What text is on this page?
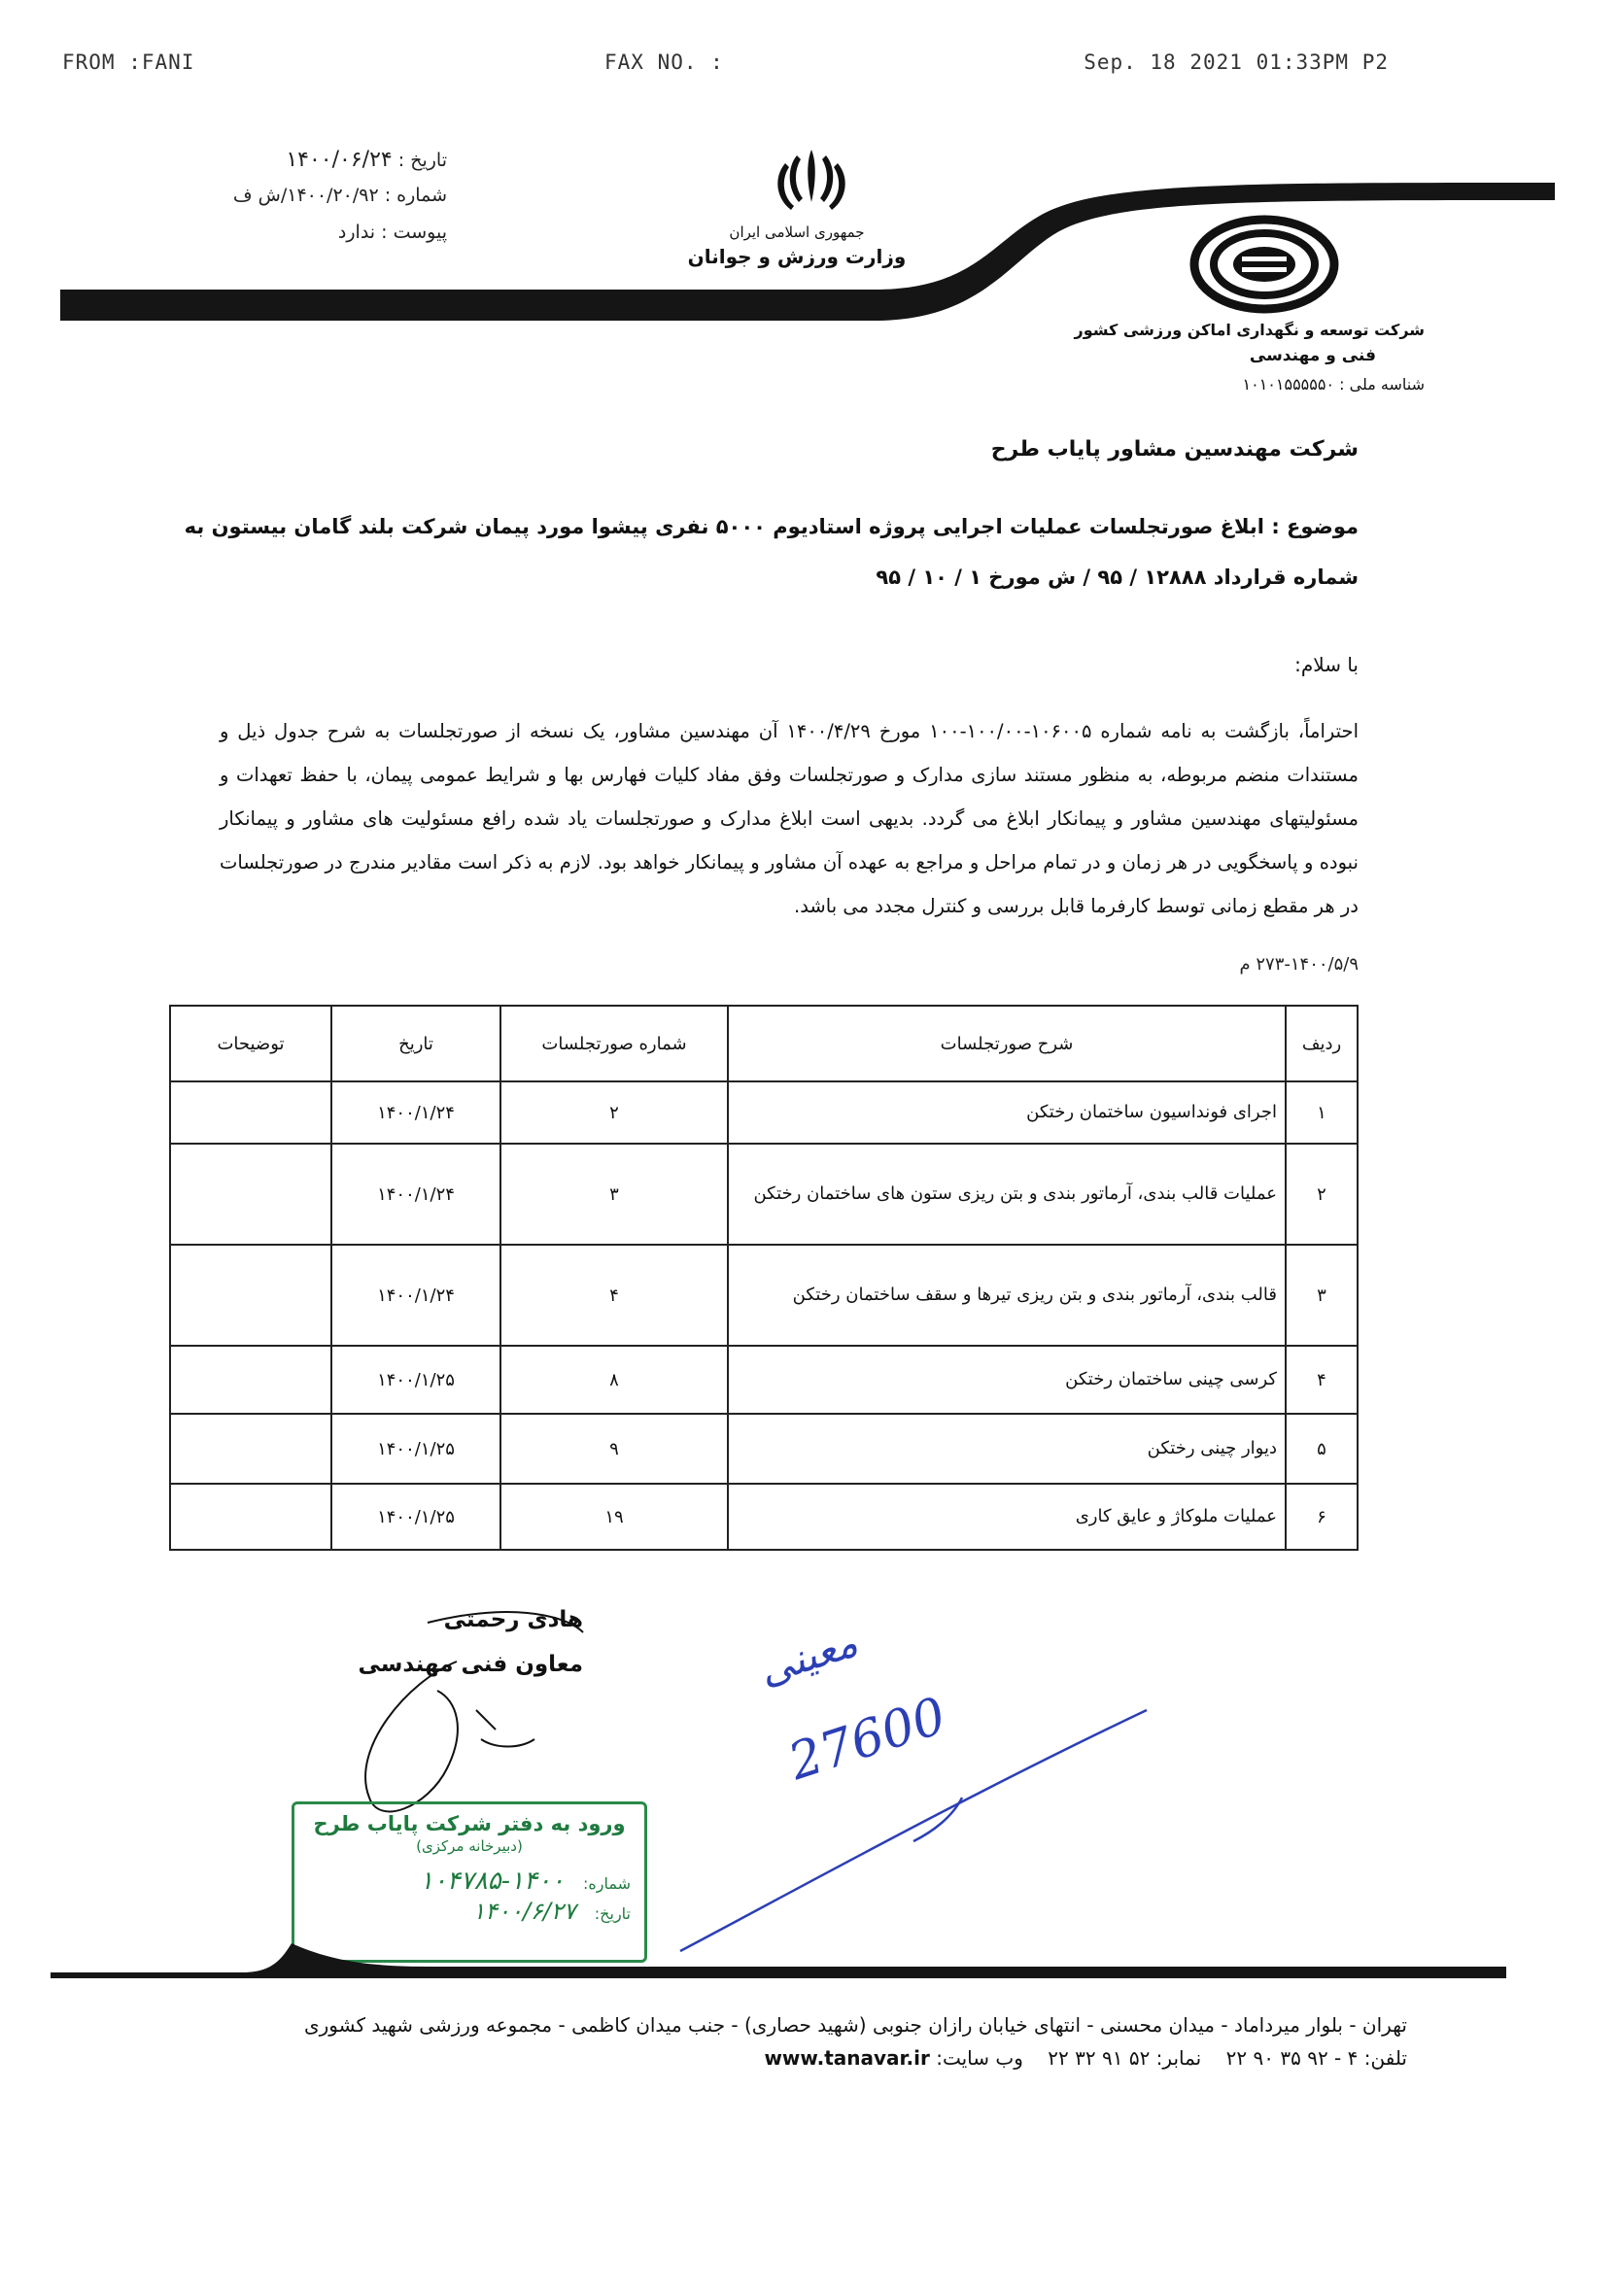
FROM :FANI	FAX NO. :	Sep. 18 2021 01:33PM P2
تاریخ : ۱۴۰۰/۰۶/۲۴
شماره : ۱۴۰۰/۲۰/۹۲/ش ف
پیوست : ندارد	جمهوری اسلامی ایران
وزارت ورزش و جوانان
شرکت توسعه و نگهداری اماکن ورزشی کشور
فنی و مهندسی
شناسه ملی : ۱۰۱۰۱۵۵۵۵۵۰
شرکت مهندسین مشاور پایاب طرح
موضوع : ابلاغ صورتجلسات عملیات اجرایی پروژه استادیوم ۵۰۰۰ نفری پیشوا مورد پیمان شرکت بلند گامان بیستون به
شماره قرارداد ۱۲۸۸۸ / ۹۵ / ش مورخ ۱ / ۱۰ / ۹۵
با سلام:
احتراماً، بازگشت به نامه شماره ۱۰۶۰۰۵-۱۰۰/۰۰-۱۰۰ مورخ ۱۴۰۰/۴/۲۹ آن مهندسین مشاور، یک نسخه از صورتجلسات به شرح جدول ذیل و مستندات منضم مربوطه، به منظور مستند سازی مدارک و صورتجلسات وفق مفاد کلیات فهارس بها و شرایط عمومی پیمان، با حفظ تعهدات و مسئولیتهای مهندسین مشاور و پیمانکار ابلاغ می گردد. بدیهی است ابلاغ مدارک و صورتجلسات یاد شده رافع مسئولیت های مشاور و پیمانکار نبوده و پاسخگویی در هر زمان و در تمام مراحل و مراجع به عهده آن مشاور و پیمانکار خواهد بود. لازم به ذکر است مقادیر مندرج در صورتجلسات در هر مقطع زمانی توسط کارفرما قابل بررسی و کنترل مجدد می باشد.
۲۷۳-۱۴۰۰/۵/۹ م
ردیف	شرح صورتجلسات	شماره صورتجلسات	تاریخ	توضیحات
۱	اجرای فونداسیون ساختمان رختکن	۲	۱۴۰۰/۱/۲۴	
۲	عملیات قالب بندی، آرماتور بندی و بتن ریزی ستون های ساختمان رختکن	۳	۱۴۰۰/۱/۲۴	
۳	قالب بندی، آرماتور بندی و بتن ریزی تیرها و سقف ساختمان رختکن	۴	۱۴۰۰/۱/۲۴	
۴	کرسی چینی ساختمان رختکن	۸	۱۴۰۰/۱/۲۵	
۵	دیوار چینی رختکن	۹	۱۴۰۰/۱/۲۵	
۶	عملیات ملوکاژ و عایق کاری	۱۹	۱۴۰۰/۱/۲۵	
هادی رحمتی
معاون فنی مهندسی	معینی
27600
ورود به دفتر شرکت پایاب طرح
(دبیرخانه مرکزی)
شماره: ۱۴۰۰-۱۰۴۷۸۵
تاریخ: ۱۴۰۰/۶/۲۷
تهران - بلوار میرداماد - میدان محسنی - انتهای خیابان رازان جنوبی (شهید حصاری) - جنب میدان کاظمی - مجموعه ورزشی شهید کشوری
تلفن: ۴ - ۹۲ ۳۵ ۹۰ ۲۲    نمابر: ۵۲ ۹۱ ۳۲ ۲۲    وب سایت: www.tanavar.ir
